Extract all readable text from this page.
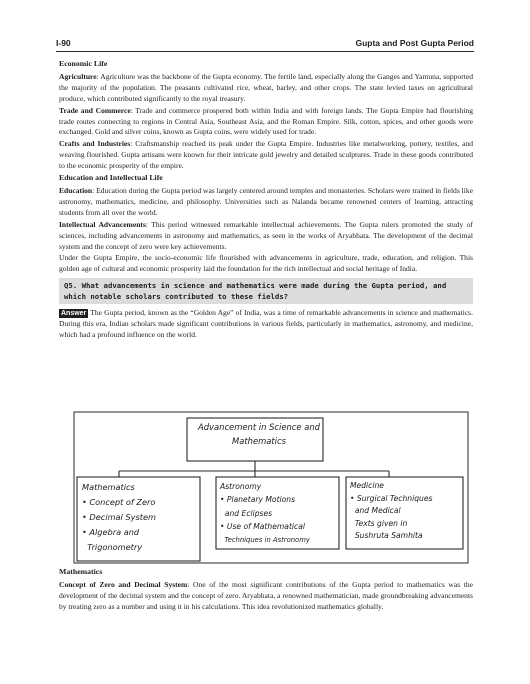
I-90	Gupta and Post Gupta Period
Economic Life

Agriculture: Agriculture was the backbone of the Gupta economy. The fertile land, especially along the Ganges and Yamuna, supported the majority of the population. The peasants cultivated rice, wheat, barley, and other crops. The state levied taxes on agricultural produce, which contributed significantly to the royal treasury.

Trade and Commerce: Trade and commerce prospered both within India and with foreign lands. The Gupta Empire had flourishing trade routes connecting to regions in Central Asia, Southeast Asia, and the Roman Empire. Silk, cotton, spices, and other goods were exchanged. Gold and silver coins, known as Gupta coins, were widely used for trade.

Crafts and Industries: Craftsmanship reached its peak under the Gupta Empire. Industries like metalworking, pottery, textiles, and weaving flourished. Gupta artisans were known for their intricate gold jewelry and detailed sculptures. Trade in these goods contributed to the economic prosperity of the empire.

Education and Intellectual Life

Education: Education during the Gupta period was largely centered around temples and monasteries. Scholars were trained in fields like astronomy, mathematics, medicine, and philosophy. Universities such as Nalanda became renowned centers of learning, attracting students from all over the world.

Intellectual Advancements: This period witnessed remarkable intellectual achievements. The Gupta rulers promoted the study of sciences, including advancements in astronomy and mathematics, as seen in the works of Aryabhata. The development of the decimal system and the concept of zero were key achievements.

Under the Gupta Empire, the socio-economic life flourished with advancements in agriculture, trade, education, and religion. This golden age of cultural and economic prosperity laid the foundation for the rich intellectual and social heritage of India.

Q5. What advancements in science and mathematics were made during the Gupta period, and which notable scholars contributed to these fields?

Answer The Gupta period, known as the “Golden Age” of India, was a time of remarkable advancements in science and mathematics. During this era, Indian scholars made significant contributions in various fields, particularly in mathematics, astronomy, and medicine, which had a profound influence on the world.

Advancement in Science and
Mathematics
Mathematics
• Concept of Zero
• Decimal System
• Algebra and
Trigonometry
Astronomy
• Planetary Motions
and Eclipses
• Use of Mathematical
Techniques in Astronomy
Medicine
• Surgical Techniques
and Medical
Texts given in
Sushruta Samhita
Mathematics

Concept of Zero and Decimal System: One of the most significant contributions of the Gupta period to mathematics was the development of the decimal system and the concept of zero. Aryabhata, a renowned mathematician, made groundbreaking advancements by treating zero as a number and using it in his calculations. This idea revolutionized mathematics globally.
